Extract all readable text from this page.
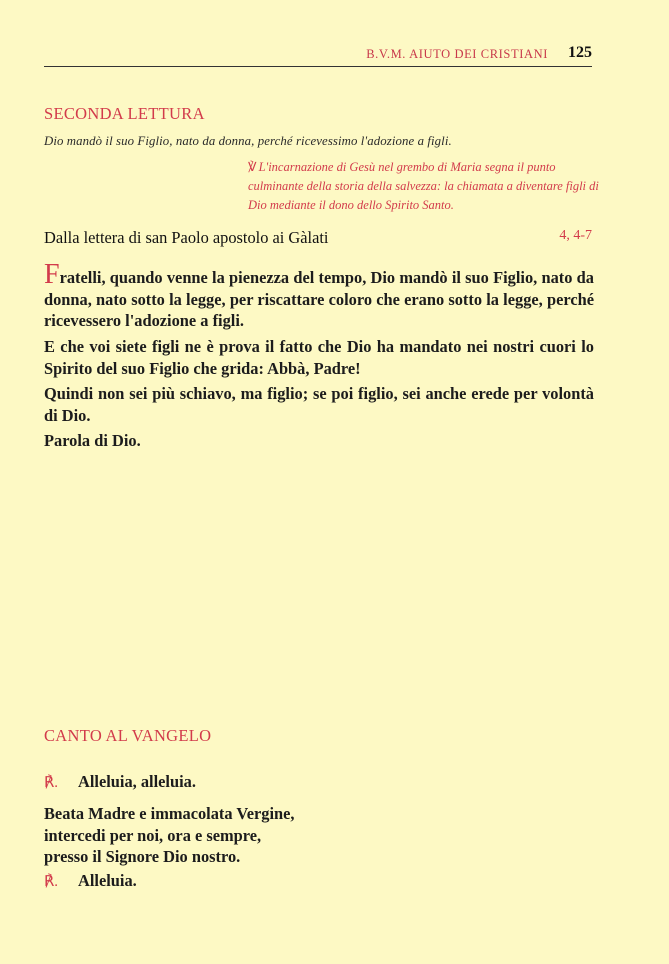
B.V.M. AIUTO DEI CRISTIANI 125
SECONDA LETTURA
Dio mandò il suo Figlio, nato da donna, perché ricevessimo l'adozione a figli.
℣ L'incarnazione di Gesù nel grembo di Maria segna il punto culminante della storia della salvezza: la chiamata a diventare figli di Dio mediante il dono dello Spirito Santo.
Dalla lettera di san Paolo apostolo ai Gàlati	4, 4-7
Fratelli, quando venne la pienezza del tempo, Dio mandò il suo Figlio, nato da donna, nato sotto la legge, per riscattare coloro che erano sotto la legge, perché ricevessero l'adozione a figli.
E che voi siete figli ne è prova il fatto che Dio ha mandato nei nostri cuori lo Spirito del suo Figlio che grida: Abbà, Padre!
Quindi non sei più schiavo, ma figlio; se poi figlio, sei anche erede per volontà di Dio.
Parola di Dio.
CANTO AL VANGELO
℟. Alleluia, alleluia.
Beata Madre e immacolata Vergine,
intercedi per noi, ora e sempre,
presso il Signore Dio nostro.
℟. Alleluia.
